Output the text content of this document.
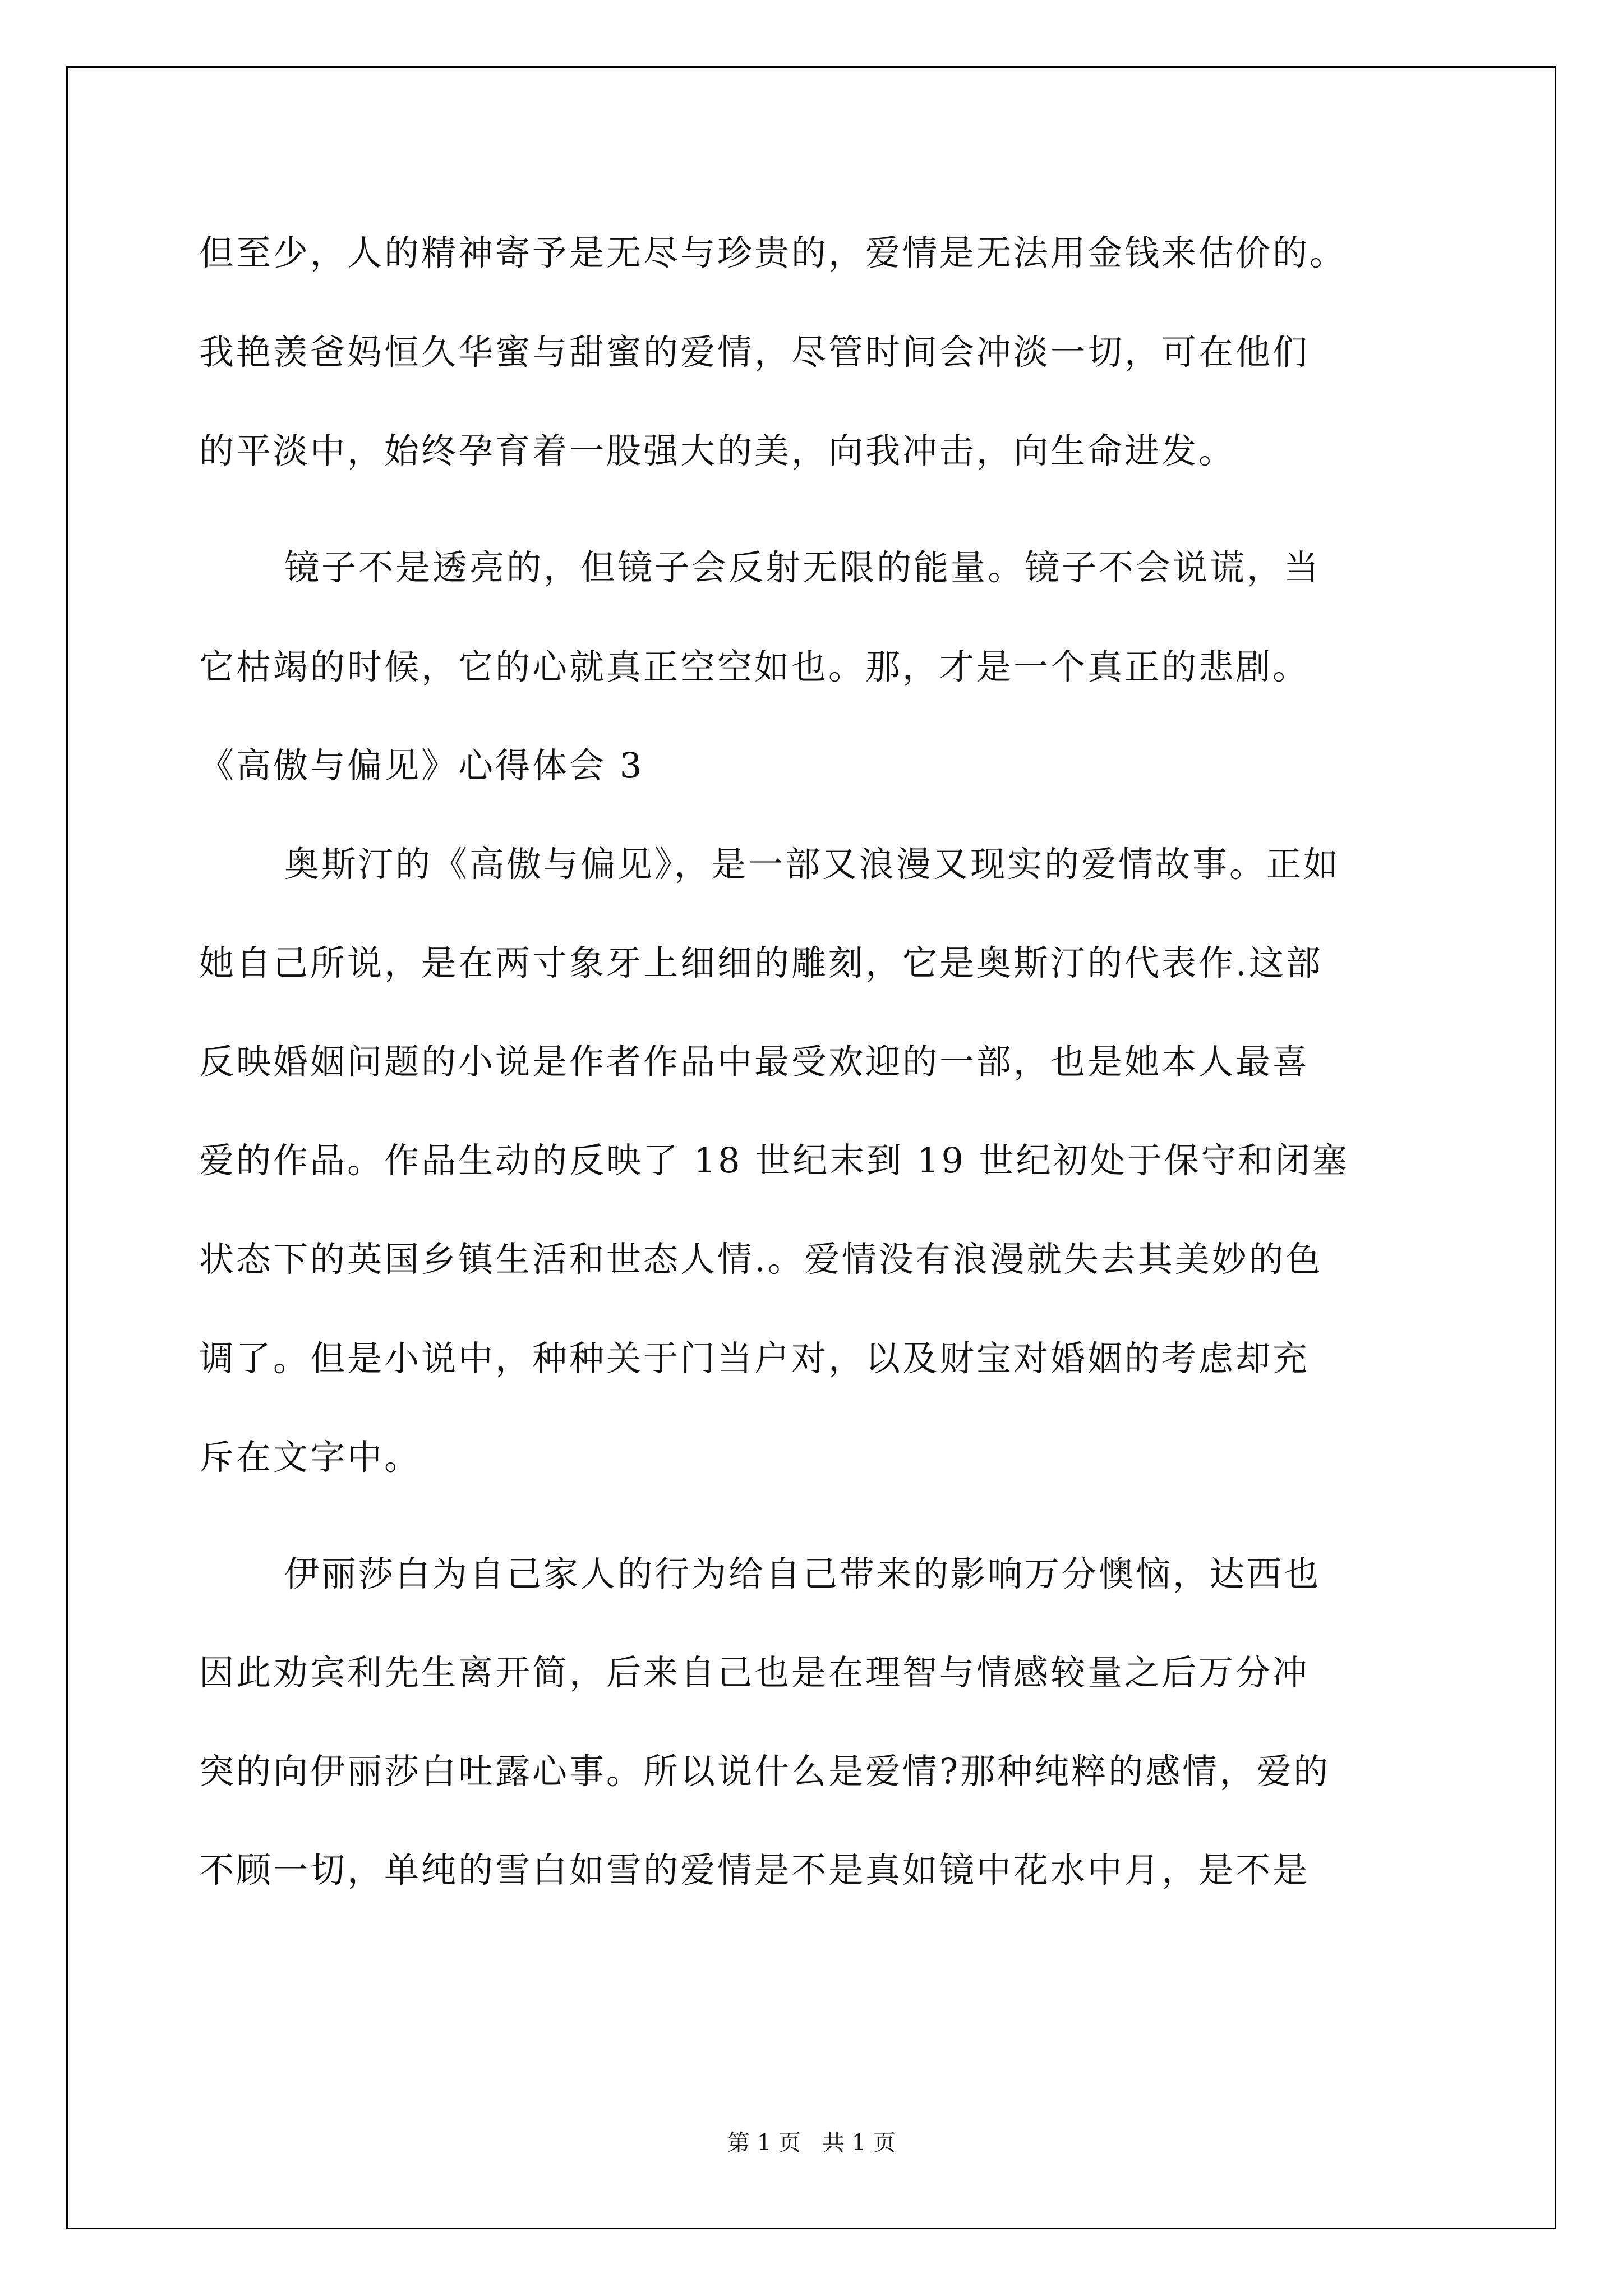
但至少，人的精神寄予是无尽与珍贵的，爱情是无法用金钱来估价的。
我艳羡爸妈恒久华蜜与甜蜜的爱情，尽管时间会冲淡一切，可在他们
的平淡中，始终孕育着一股强大的美，向我冲击，向生命进发。
镜子不是透亮的，但镜子会反射无限的能量。镜子不会说谎，当
它枯竭的时候，它的心就真正空空如也。那，才是一个真正的悲剧。
《高傲与偏见》心得体会 3
奥斯汀的《高傲与偏见》，是一部又浪漫又现实的爱情故事。正如
她自己所说，是在两寸象牙上细细的雕刻，它是奥斯汀的代表作.这部
反映婚姻问题的小说是作者作品中最受欢迎的一部，也是她本人最喜
爱的作品。作品生动的反映了 18 世纪末到 19 世纪初处于保守和闭塞
状态下的英国乡镇生活和世态人情.。爱情没有浪漫就失去其美妙的色
调了。但是小说中，种种关于门当户对，以及财宝对婚姻的考虑却充
斥在文字中。
伊丽莎白为自己家人的行为给自己带来的影响万分懊恼，达西也
因此劝宾利先生离开简，后来自己也是在理智与情感较量之后万分冲
突的向伊丽莎白吐露心事。所以说什么是爱情?那种纯粹的感情，爱的
不顾一切，单纯的雪白如雪的爱情是不是真如镜中花水中月，是不是
第 1 页   共 1 页
